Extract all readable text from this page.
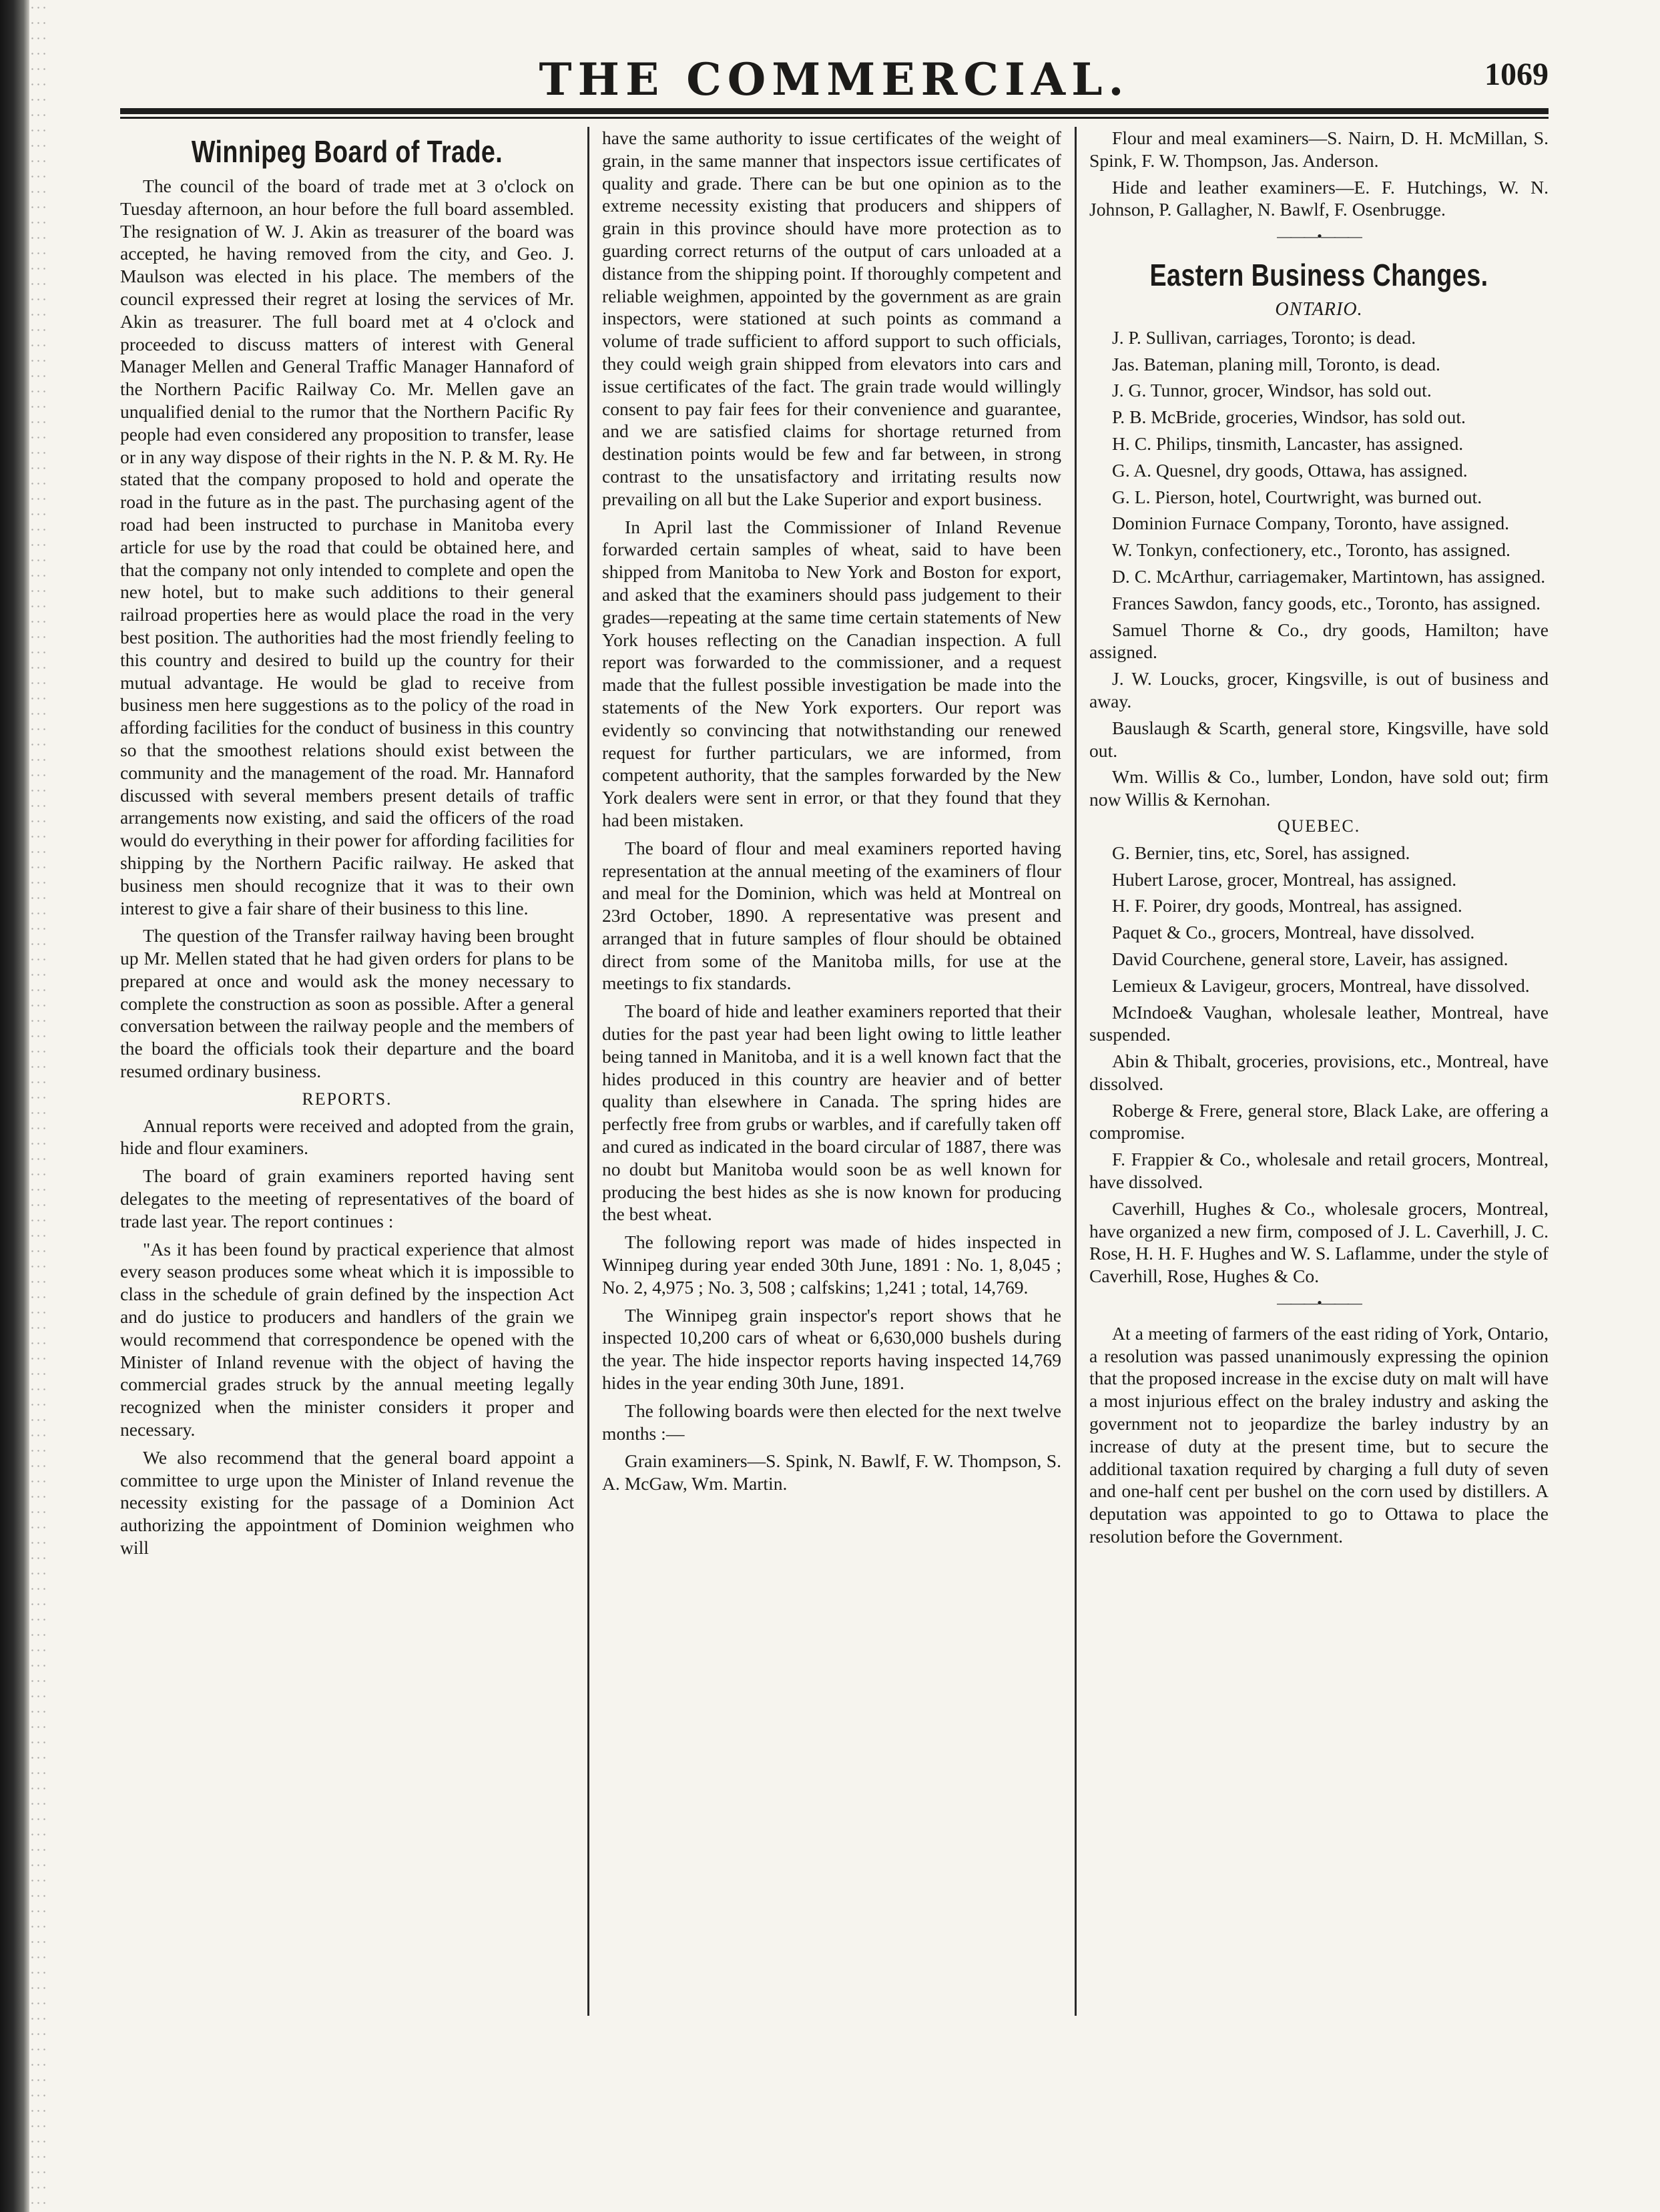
THE COMMERCIAL.	1069
Winnipeg Board of Trade.

The council of the board of trade met at 3 o'clock on Tuesday afternoon, an hour before the full board assembled. The resignation of W. J. Akin as treasurer of the board was accepted, he having removed from the city, and Geo. J. Maulson was elected in his place. The members of the council expressed their regret at losing the services of Mr. Akin as treasurer. The full board met at 4 o'clock and proceeded to discuss matters of interest with General Manager Mellen and General Traffic Manager Hannaford of the Northern Pacific Railway Co. Mr. Mellen gave an unqualified denial to the rumor that the Northern Pacific Ry people had even considered any proposition to transfer, lease or in any way dispose of their rights in the N. P. & M. Ry. He stated that the company proposed to hold and operate the road in the future as in the past. The purchasing agent of the road had been instructed to purchase in Manitoba every article for use by the road that could be obtained here, and that the company not only intended to complete and open the new hotel, but to make such additions to their general railroad properties here as would place the road in the very best position. The authorities had the most friendly feeling to this country and desired to build up the country for their mutual advantage. He would be glad to receive from business men here suggestions as to the policy of the road in affording facilities for the conduct of business in this country so that the smoothest relations should exist between the community and the management of the road. Mr. Hannaford discussed with several members present details of traffic arrangements now existing, and said the officers of the road would do everything in their power for affording facilities for shipping by the Northern Pacific railway. He asked that business men should recognize that it was to their own interest to give a fair share of their business to this line.

The question of the Transfer railway having been brought up Mr. Mellen stated that he had given orders for plans to be prepared at once and would ask the money necessary to complete the construction as soon as possible. After a general conversation between the railway people and the members of the board the officials took their departure and the board resumed ordinary business.

REPORTS.

Annual reports were received and adopted from the grain, hide and flour examiners.

The board of grain examiners reported having sent delegates to the meeting of representatives of the board of trade last year. The report continues :

"As it has been found by practical experience that almost every season produces some wheat which it is impossible to class in the schedule of grain defined by the inspection Act and do justice to producers and handlers of the grain we would recommend that correspondence be opened with the Minister of Inland revenue with the object of having the commercial grades struck by the annual meeting legally recognized when the minister considers it proper and necessary.

We also recommend that the general board appoint a committee to urge upon the Minister of Inland revenue the necessity existing for the passage of a Dominion Act authorizing the appointment of Dominion weighmen who will

have the same authority to issue certificates of the weight of grain, in the same manner that inspectors issue certificates of quality and grade. There can be but one opinion as to the extreme necessity existing that producers and shippers of grain in this province should have more protection as to guarding correct returns of the output of cars unloaded at a distance from the shipping point. If thoroughly competent and reliable weighmen, appointed by the government as are grain inspectors, were stationed at such points as command a volume of trade sufficient to afford support to such officials, they could weigh grain shipped from elevators into cars and issue certificates of the fact. The grain trade would willingly consent to pay fair fees for their convenience and guarantee, and we are satisfied claims for shortage returned from destination points would be few and far between, in strong contrast to the unsatisfactory and irritating results now prevailing on all but the Lake Superior and export business.

In April last the Commissioner of Inland Revenue forwarded certain samples of wheat, said to have been shipped from Manitoba to New York and Boston for export, and asked that the examiners should pass judgement to their grades—repeating at the same time certain statements of New York houses reflecting on the Canadian inspection. A full report was forwarded to the commissioner, and a request made that the fullest possible investigation be made into the statements of the New York exporters. Our report was evidently so convincing that notwithstanding our renewed request for further particulars, we are informed, from competent authority, that the samples forwarded by the New York dealers were sent in error, or that they found that they had been mistaken.

The board of flour and meal examiners reported having representation at the annual meeting of the examiners of flour and meal for the Dominion, which was held at Montreal on 23rd October, 1890. A representative was present and arranged that in future samples of flour should be obtained direct from some of the Manitoba mills, for use at the meetings to fix standards.

The board of hide and leather examiners reported that their duties for the past year had been light owing to little leather being tanned in Manitoba, and it is a well known fact that the hides produced in this country are heavier and of better quality than elsewhere in Canada. The spring hides are perfectly free from grubs or warbles, and if carefully taken off and cured as indicated in the board circular of 1887, there was no doubt but Manitoba would soon be as well known for producing the best hides as she is now known for producing the best wheat.

The following report was made of hides inspected in Winnipeg during year ended 30th June, 1891 : No. 1, 8,045 ; No. 2, 4,975 ; No. 3, 508 ; calfskins; 1,241 ; total, 14,769.

The Winnipeg grain inspector's report shows that he inspected 10,200 cars of wheat or 6,630,000 bushels during the year. The hide inspector reports having inspected 14,769 hides in the year ending 30th June, 1891.

The following boards were then elected for the next twelve months :—

Grain examiners—S. Spink, N. Bawlf, F. W. Thompson, S. A. McGaw, Wm. Martin.

Flour and meal examiners—S. Nairn, D. H. McMillan, S. Spink, F. W. Thompson, Jas. Anderson.

Hide and leather examiners—E. F. Hutchings, W. N. Johnson, P. Gallagher, N. Bawlf, F. Osenbrugge.

———•———
Eastern Business Changes.
ONTARIO.

J. P. Sullivan, carriages, Toronto; is dead.

Jas. Bateman, planing mill, Toronto, is dead.

J. G. Tunnor, grocer, Windsor, has sold out.

P. B. McBride, groceries, Windsor, has sold out.

H. C. Philips, tinsmith, Lancaster, has assigned.

G. A. Quesnel, dry goods, Ottawa, has assigned.

G. L. Pierson, hotel, Courtwright, was burned out.

Dominion Furnace Company, Toronto, have assigned.

W. Tonkyn, confectionery, etc., Toronto, has assigned.

D. C. McArthur, carriagemaker, Martintown, has assigned.

Frances Sawdon, fancy goods, etc., Toronto, has assigned.

Samuel Thorne & Co., dry goods, Hamilton; have assigned.

J. W. Loucks, grocer, Kingsville, is out of business and away.

Bauslaugh & Scarth, general store, Kingsville, have sold out.

Wm. Willis & Co., lumber, London, have sold out; firm now Willis & Kernohan.

QUEBEC.

G. Bernier, tins, etc, Sorel, has assigned.

Hubert Larose, grocer, Montreal, has assigned.

H. F. Poirer, dry goods, Montreal, has assigned.

Paquet & Co., grocers, Montreal, have dissolved.

David Courchene, general store, Laveir, has assigned.

Lemieux & Lavigeur, grocers, Montreal, have dissolved.

McIndoe& Vaughan, wholesale leather, Montreal, have suspended.

Abin & Thibalt, groceries, provisions, etc., Montreal, have dissolved.

Roberge & Frere, general store, Black Lake, are offering a compromise.

F. Frappier & Co., wholesale and retail grocers, Montreal, have dissolved.

Caverhill, Hughes & Co., wholesale grocers, Montreal, have organized a new firm, composed of J. L. Caverhill, J. C. Rose, H. H. F. Hughes and W. S. Laflamme, under the style of Caverhill, Rose, Hughes & Co.

———•———

At a meeting of farmers of the east riding of York, Ontario, a resolution was passed unanimously expressing the opinion that the proposed increase in the excise duty on malt will have a most injurious effect on the braley industry and asking the government not to jeopardize the barley industry by an increase of duty at the present time, but to secure the additional taxation required by charging a full duty of seven and one-half cent per bushel on the corn used by distillers. A deputation was appointed to go to Ottawa to place the resolution before the Government.
